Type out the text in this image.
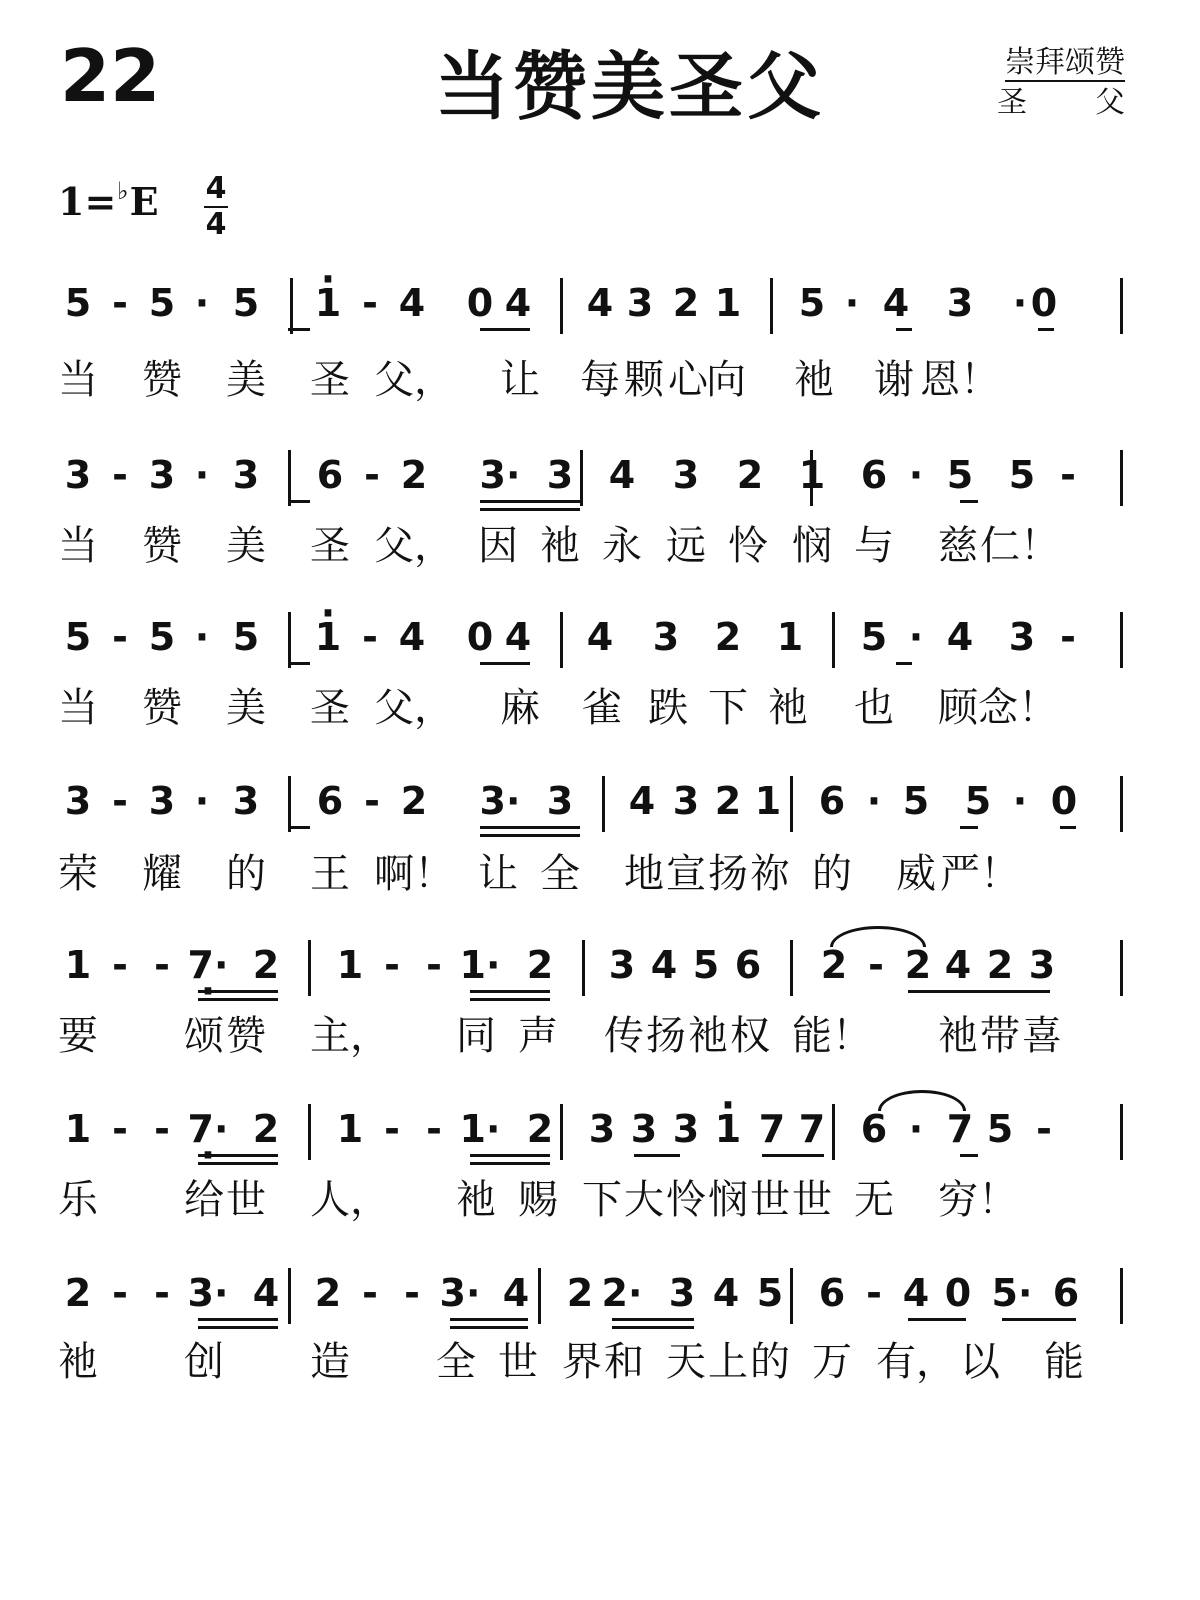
22	当赞美圣父	崇拜颂赞
圣 父
1=♭E 4
4
5 - 5 · 5 · 1 - 4 0 4 4 3 2 1 5 · 4 3 · 0
当 赞 美 圣 父， 让 每 颗 心
向 衪 谢 恩！
3 - 3 · 3 6 - 2 3· 3 4 3 2 1 6 · 5 5 -
当 赞 美 圣 父， 因 衪 永 远 怜 悯 与 慈 仁！
5 - 5 · 5 · 1 - 4 0 4 4 3 2 1 5 · 4 3 -
当 赞 美 圣 父， 麻 雀 跌 下 衪 也 顾 念！
3 - 3 · 3 6 - 2 3· 3 4 3 2 1 6 · 5 5 · 0
荣 耀 的 王 啊！ 让 全 地 宣 扬 祢 的 威 严！
1 - - 7· · 2 1 - - 1· 2 3 4 5 6 2 - 2 4 2 3
要 颂 赞 主， 同 声 传 扬 衪 权 能！ 衪 带 喜
1 - - 7· · 2 1 - - 1· 2 3 3 3 · 1 7 7 6 · 7 5 -
乐 给 世 人， 衪 赐 下 大 怜 悯 世 世 无 穷！
2 - - 3· 4 2 - - 3· 4 2 2· 3 4 5 6 - 4 0 5· 6
衪 创 造 全 世 界 和 天 上 的 万 有， 以 能
